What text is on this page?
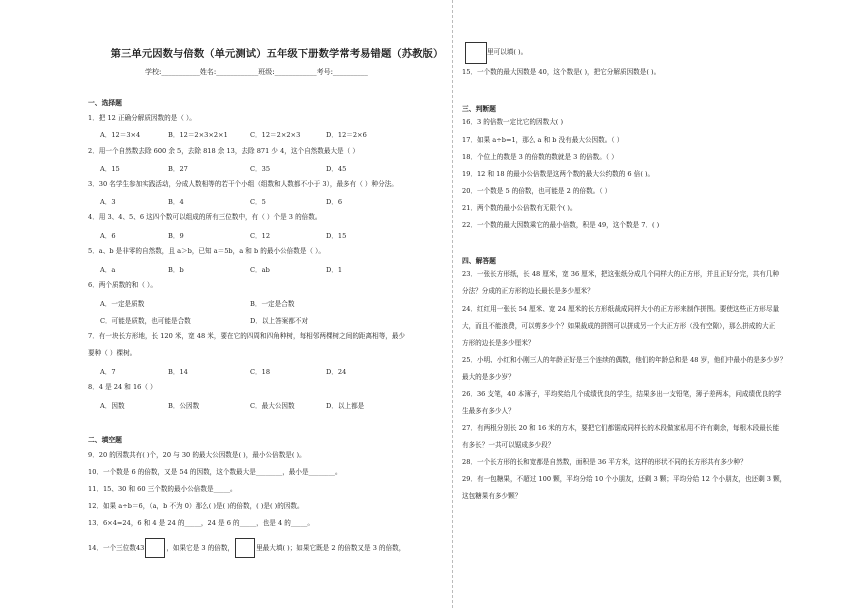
第三单元因数与倍数（单元测试）五年级下册数学常考易错题（苏教版）
学校:___________姓名:____________班级:____________考号:__________
一、选择题
1．把 12 正确分解质因数的是（ ）。
A．12＝3×4	B．12＝2×3×2×1	C．12＝2×2×3	D．12＝2×6
2．用一个自然数去除 600 余 5，去除 818 余 13，去除 871 少 4，这个自然数最大是（ ）
A．15	B．27	C．35	D．45
3．30 名学生参加实践活动，分成人数相等的若干个小组（组数和人数都不小于 3），最多有（ ）种分法。
A．3	B．4	C．5	D．6
4．用 3、4、5、6 这四个数可以组成的所有三位数中，有（ ）个是 3 的倍数。
A．6	B．9	C．12	D．15
5．a、b 是非零的自然数，且 a＞b，已知 a＝5b，a 和 b 的最小公倍数是（ ）。
A．a	B．b	C．ab	D．1
6．两个质数的和（ ）。
A．一定是质数	B．一定是合数
C．可能是质数，也可能是合数	D．以上答案都不对
7．有一块长方形地，长 120 米，宽 48 米，要在它的四周和四角种树，每相邻两棵树之间的距离相等，最少
要种（ ）棵树。
A．7	B．14	C．18	D．24
8．4 是 24 和 16（ ）
A．因数	B．公因数	C．最大公因数	D．以上都是
二、填空题
9．20 的因数共有( )个，20 与 30 的最大公因数是( )，最小公倍数是( )。
10．一个数是 6 的倍数，又是 54 的因数，这个数最大是________，最小是________。
11．15、30 和 60 三个数的最小公倍数是_____。
12．如果 a÷b＝6，（a，b 不为 0）那么( )是( )的倍数，( )是( )的因数。
13．6×4=24，6 和 4 是 24 的_____，24 是 6 的_____，也是 4 的_____。
14．一个三位数43	，如果它是 3 的倍数，	里最大填( )；如果它既是 2 的倍数又是 3 的倍数，
里可以填( )。
15．一个数的最大因数是 40，这个数是( )，把它分解质因数是( )。
三、判断题
16．3 的倍数一定比它的因数大( )
17．如果 a÷b=1，那么 a 和 b 没有最大公因数。（ ）
18．个位上的数是 3 的倍数的数就是 3 的倍数。（ ）
19．12 和 18 的最小公倍数是这两个数的最大公约数的 6 倍( )。
20．一个数是 5 的倍数，也可能是 2 的倍数。（ ）
21．两个数的最小公倍数有无限个( )。
22．一个数的最大因数乘它的最小倍数，积是 49，这个数是 7．( )
四、解答题
23．一张长方形纸，长 48 厘米，宽 36 厘米，把这张纸分成几个同样大的正方形，并且正好分完，共有几种
分法？分成的正方形的边长最长是多少厘米？
24．红红用一张长 54 厘米、宽 24 厘米的长方形纸裁成同样大小的正方形来制作拼图。要使这些正方形尽量
大，而且不能浪费，可以剪多少个？如果裁成的拼图可以拼成另一个大正方形（没有空隙），那么拼成的大正
方形的边长是多少厘米？
25．小明、小红和小刚三人的年龄正好是三个连续的偶数，他们的年龄总和是 48 岁，他们中最小的是多少岁？
最大的是多少岁？
26．36 支笔，40 本簿子，平均奖给几个成绩优良的学生，结果多出一支铅笔，簿子差两本，问成绩优良的学
生最多有多少人？
27．有两根分别长 20 和 16 米的方木，要把它们都锯成同样长的木段做家私用不许有剩余，每根木段最长能
有多长？一共可以锯成多少段？
28．一个长方形的长和宽都是自然数，面积是 36 平方米，这样的形状不同的长方形共有多少种？
29．有一包糖果，不超过 100 颗，平均分给 10 个小朋友，还剩 3 颗；平均分给 12 个小朋友，也还剩 3 颗，
这包糖果有多少颗？
